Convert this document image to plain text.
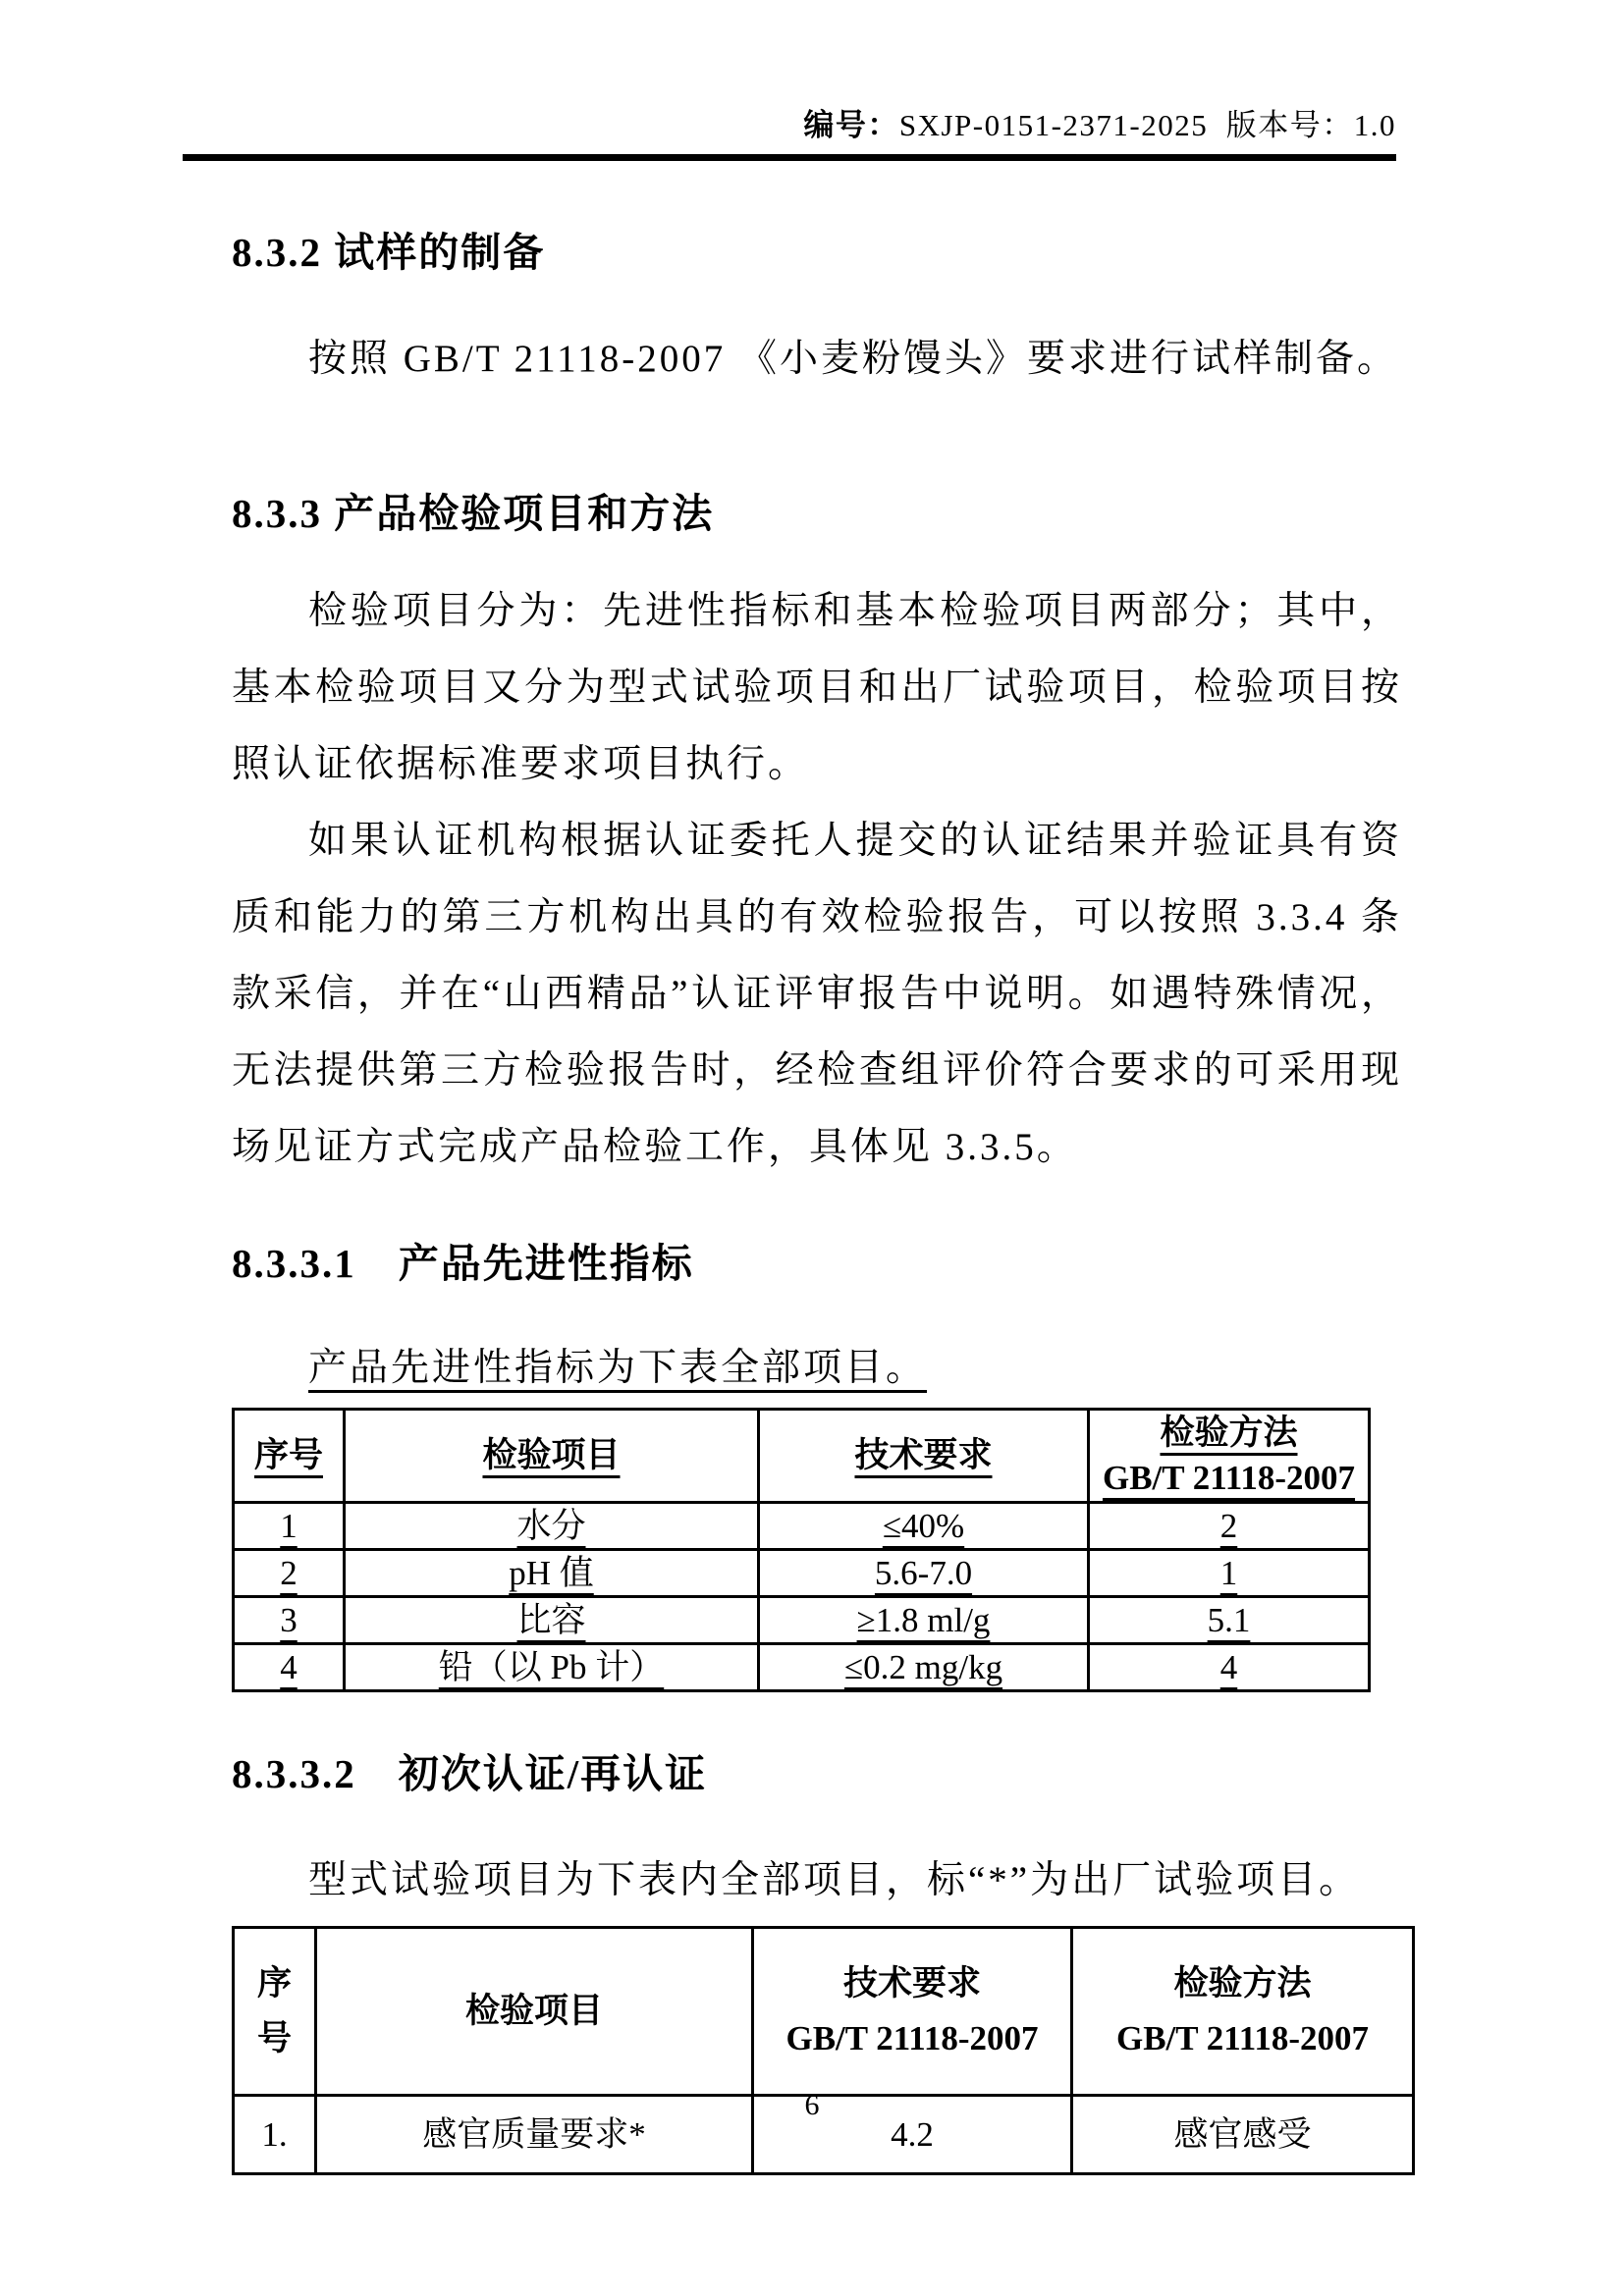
编号：SXJP-0151-2371-2025 版本号：1.0
8.3.2 试样的制备

按照 GB/T 21118-2007 《小麦粉馒头》要求进行试样制备。

8.3.3 产品检验项目和方法

检验项目分为：先进性指标和基本检验项目两部分；其中，基本检验项目又分为型式试验项目和出厂试验项目，检验项目按照认证依据标准要求项目执行。

如果认证机构根据认证委托人提交的认证结果并验证具有资质和能力的第三方机构出具的有效检验报告，可以按照 3.3.4 条款采信，并在“山西精品”认证评审报告中说明。如遇特殊情况，无法提供第三方检验报告时，经检查组评价符合要求的可采用现场见证方式完成产品检验工作，具体见 3.3.5。

8.3.3.1　产品先进性指标

产品先进性指标为下表全部项目。

序号	检验项目	技术要求	检验方法
GB/T 21118-2007

1	水分	≤40%	2
2	pH 值	5.6-7.0	1
3	比容	≥1.8 ml/g	5.1
4	铅（以 Pb 计）	≤0.2 mg/kg	4
8.3.3.2　初次认证/再认证

型式试验项目为下表内全部项目，标“*”为出厂试验项目。

序
号	检验项目	技术要求
GB/T 21118-2007	检验方法
GB/T 21118-2007

1.	感官质量要求*	4.2	感官感受
6
